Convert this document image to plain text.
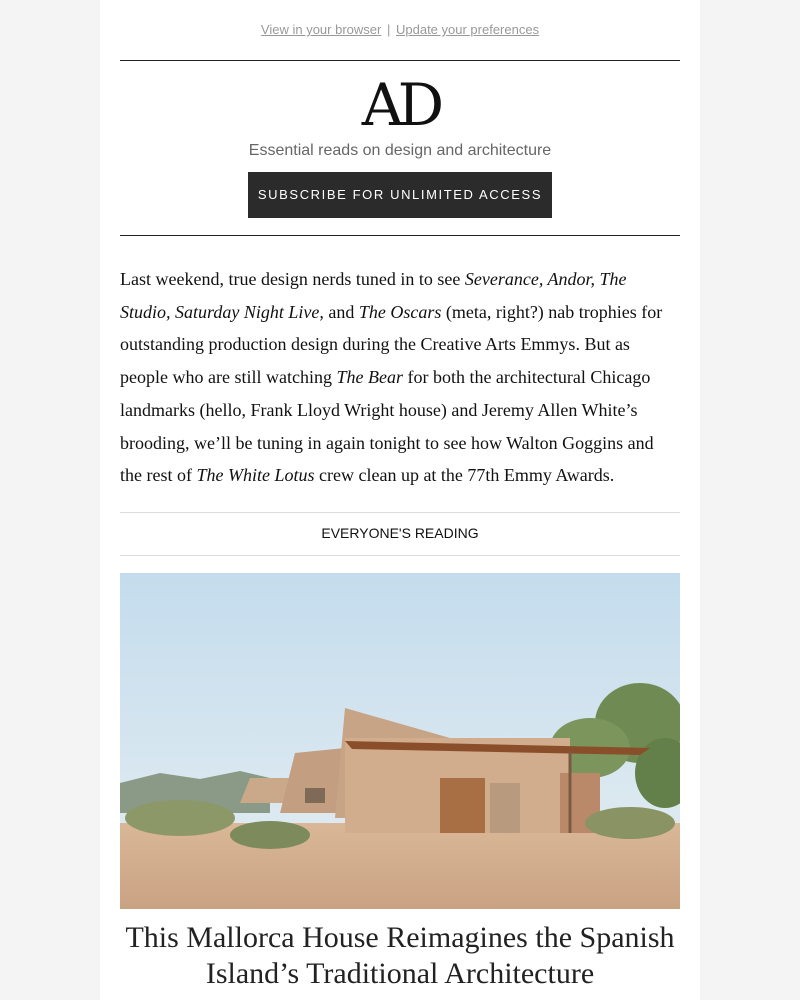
View in your browser | Update your preferences
AD
Essential reads on design and architecture
SUBSCRIBE FOR UNLIMITED ACCESS

Last weekend, true design nerds tuned in to see Severance, Andor, The Studio, Saturday Night Live, and The Oscars (meta, right?) nab trophies for outstanding production design during the Creative Arts Emmys. But as people who are still watching The Bear for both the architectural Chicago landmarks (hello, Frank Lloyd Wright house) and Jeremy Allen White’s brooding, we’ll be tuning in again tonight to see how Walton Goggins and the rest of The White Lotus crew clean up at the 77th Emmy Awards.

EVERYONE'S READING
This Mallorca House Reimagines the Spanish Island’s Traditional Architecture
